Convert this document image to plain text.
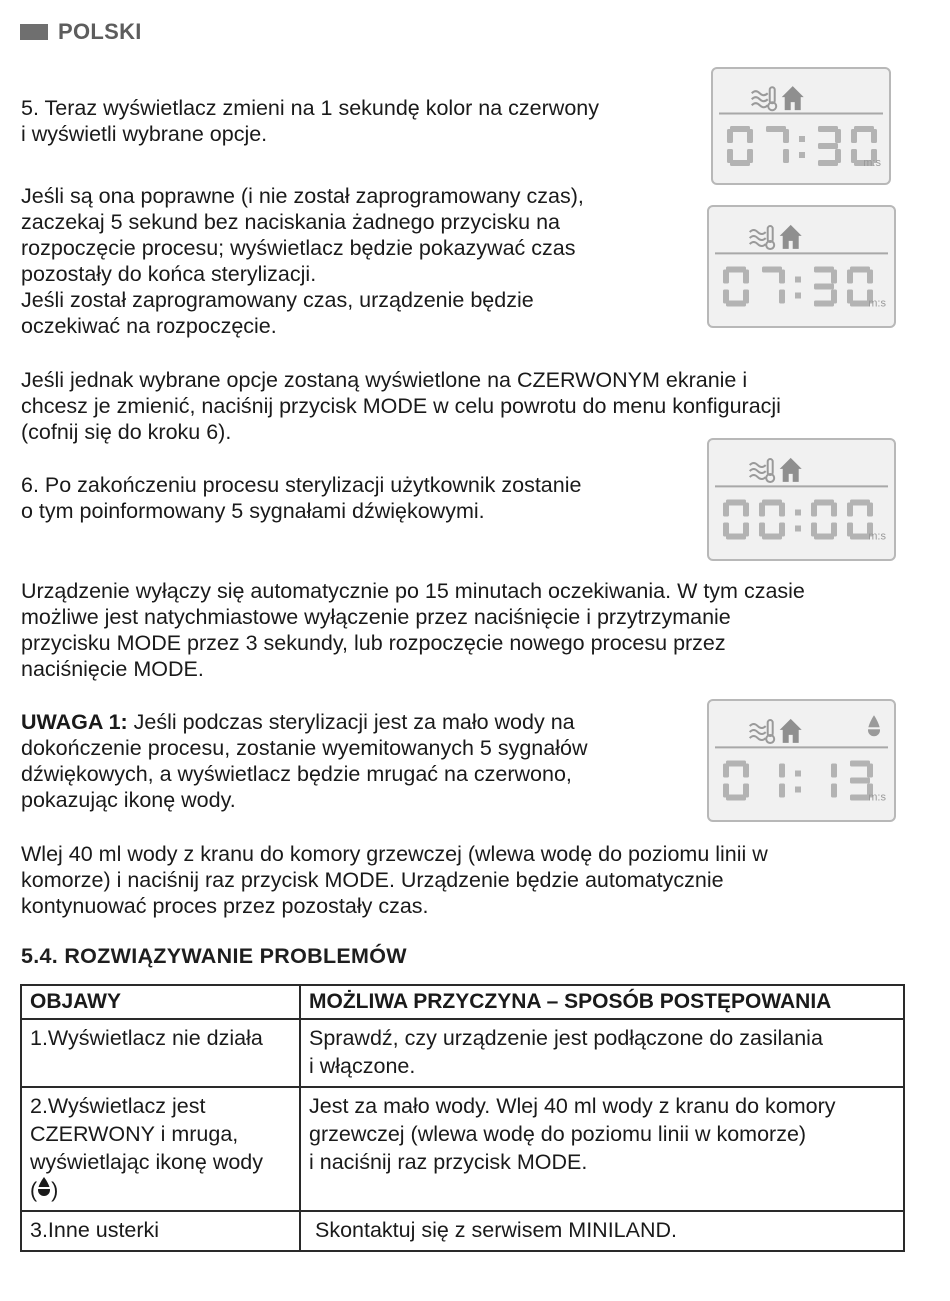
POLSKI

5. Teraz wyświetlacz zmieni na 1 sekundę kolor na czerwony
i wyświetli wybrane opcje.

Jeśli są ona poprawne (i nie został zaprogramowany czas),
zaczekaj 5 sekund bez naciskania żadnego przycisku na
rozpoczęcie procesu; wyświetlacz będzie pokazywać czas
pozostały do końca sterylizacji.
Jeśli został zaprogramowany czas, urządzenie będzie
oczekiwać na rozpoczęcie.

Jeśli jednak wybrane opcje zostaną wyświetlone na CZERWONYM ekranie i
chcesz je zmienić, naciśnij przycisk MODE w celu powrotu do menu konfiguracji
(cofnij się do kroku 6).

6. Po zakończeniu procesu sterylizacji użytkownik zostanie
o tym poinformowany 5 sygnałami dźwiękowymi.

Urządzenie wyłączy się automatycznie po 15 minutach oczekiwania. W tym czasie
możliwe jest natychmiastowe wyłączenie przez naciśnięcie i przytrzymanie
przycisku MODE przez 3 sekundy, lub rozpoczęcie nowego procesu przez
naciśnięcie MODE.

UWAGA 1: Jeśli podczas sterylizacji jest za mało wody na
dokończenie procesu, zostanie wyemitowanych 5 sygnałów
dźwiękowych, a wyświetlacz będzie mrugać na czerwono,
pokazując ikonę wody.

Wlej 40 ml wody z kranu do komory grzewczej (wlewa wodę do poziomu linii w
komorze) i naciśnij raz przycisk MODE. Urządzenie będzie automatycznie
kontynuować proces przez pozostały czas.

5.4. ROZWIĄZYWANIE PROBLEMÓW
m:s
m:s
m:s
m:s
OBJAWY	MOŻLIWA PRZYCZYNA – SPOSÓB POSTĘPOWANIA
1.Wyświetlacz nie działa	Sprawdź, czy urządzenie jest podłączone do zasilania
i włączone.

2.Wyświetlacz jest
CZERWONY i mruga,
wyświetlając ikonę wody
( )	Jest za mało wody. Wlej 40 ml wody z kranu do komory
grzewczej (wlewa wodę do poziomu linii w komorze)
i naciśnij raz przycisk MODE.

3.Inne usterki	Skontaktuj się z serwisem MINILAND.
